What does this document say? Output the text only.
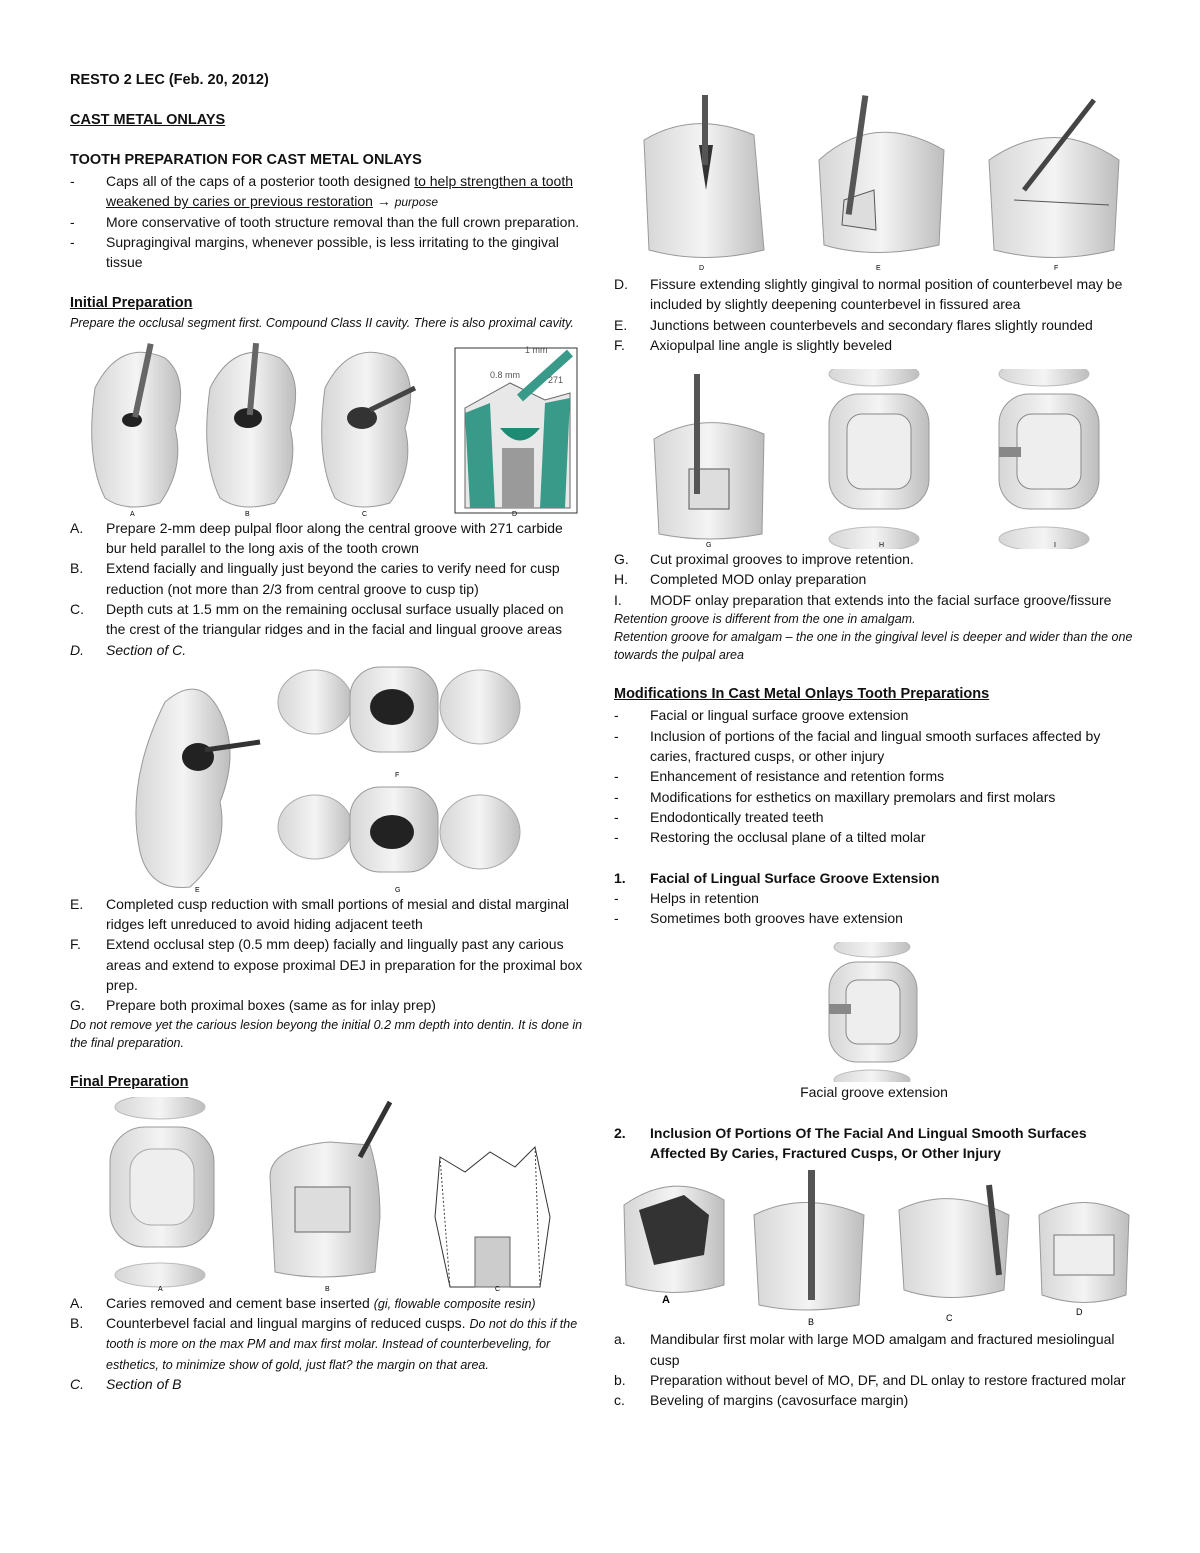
RESTO 2 LEC (Feb. 20, 2012)

CAST METAL ONLAYS

TOOTH PREPARATION FOR CAST METAL ONLAYS

-	Caps all of the caps of a posterior tooth designed to help strengthen a tooth weakened by caries or previous restoration → purpose
-	More conservative of tooth structure removal than the full crown preparation.
-	Supragingival margins, whenever possible, is less irritating to the gingival tissue

Initial Preparation

Prepare the occlusal segment first. Compound Class II cavity. There is also proximal cavity.

1 mm
0.8 mm	271
A	B	C	D
A.	Prepare 2-mm deep pulpal floor along the central groove with 271 carbide bur held parallel to the long axis of the tooth crown
B.	Extend facially and lingually just beyond the caries to verify need for cusp reduction (not more than 2/3 from central groove to cusp tip)
C.	Depth cuts at 1.5 mm on the remaining occlusal surface usually placed on the crest of the triangular ridges and in the facial and lingual groove areas
D.	Section of C.
E
F
G
E.	Completed cusp reduction with small portions of mesial and distal marginal ridges left unreduced to avoid hiding adjacent teeth
F.	Extend occlusal step (0.5 mm deep) facially and lingually past any carious areas and extend to expose proximal DEJ in preparation for the proximal box prep.
G.	Prepare both proximal boxes (same as for inlay prep)

Do not remove yet the carious lesion beyong the initial 0.2 mm depth into dentin. It is done in the final preparation.

Final Preparation

A	B	C
A.	Caries removed and cement base inserted (gi, flowable composite resin)
B.	Counterbevel facial and lingual margins of reduced cusps. Do not do this if the tooth is more on the max PM and max first molar. Instead of counterbeveling, for esthetics, to minimize show of gold, just flat? the margin on that area.
C.	Section of B
D	E	F
D.	Fissure extending slightly gingival to normal position of counterbevel may be included by slightly deepening counterbevel in fissured area
E.	Junctions between counterbevels and secondary flares slightly rounded
F.	Axiopulpal line angle is slightly beveled
G	H	I
G.	Cut proximal grooves to improve retention.
H.	Completed MOD onlay preparation
I.	MODF onlay preparation that extends into the facial surface groove/fissure

Retention groove is different from the one in amalgam.

Retention groove for amalgam – the one in the gingival level is deeper and wider than the one towards the pulpal area

Modifications In Cast Metal Onlays Tooth Preparations

-	Facial or lingual surface groove extension
-	Inclusion of portions of the facial and lingual smooth surfaces affected by caries, fractured cusps, or other injury
-	Enhancement of resistance and retention forms
-	Modifications for esthetics on maxillary premolars and first molars
-	Endodontically treated teeth
-	Restoring the occlusal plane of a tilted molar
1.	Facial of Lingual Surface Groove Extension
-	Helps in retention
-	Sometimes both grooves have extension

Facial groove extension

2.	Inclusion Of Portions Of The Facial And Lingual Smooth Surfaces Affected By Caries, Fractured Cusps, Or Other Injury
A
B	C
D
a.	Mandibular first molar with large MOD amalgam and fractured mesiolingual cusp
b.	Preparation without bevel of MO, DF, and DL onlay to restore fractured molar
c.	Beveling of margins (cavosurface margin)
